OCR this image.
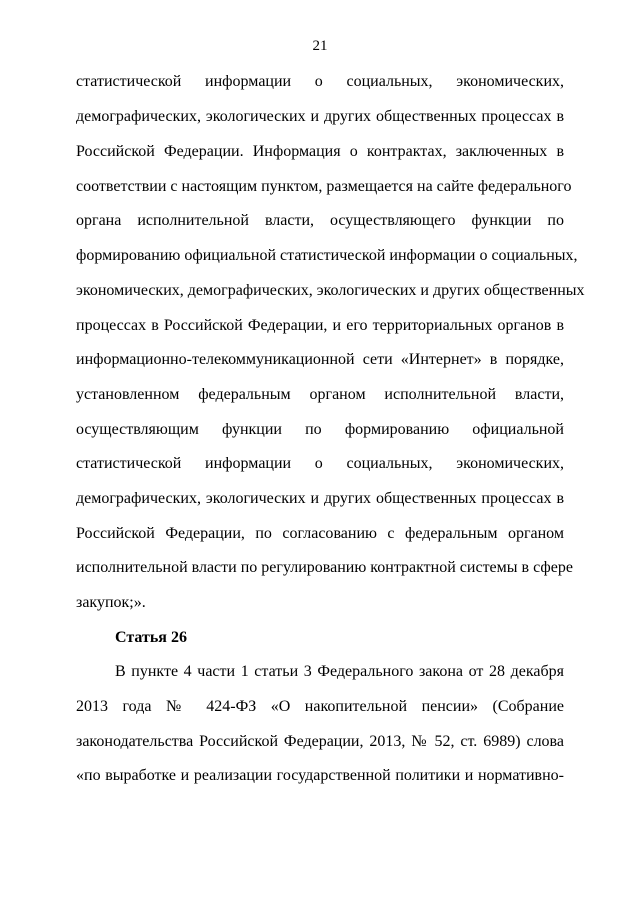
21
статистической информации о социальных, экономических,
демографических, экологических и других общественных процессах в
Российской Федерации. Информация о контрактах, заключенных в
соответствии с настоящим пунктом, размещается на сайте федерального
органа исполнительной власти, осуществляющего функции по
формированию официальной статистической информации о социальных,
экономических, демографических, экологических и других общественных
процессах в Российской Федерации, и его территориальных органов в
информационно-телекоммуникационной сети «Интернет» в порядке,
установленном федеральным органом исполнительной власти,
осуществляющим функции по формированию официальной
статистической информации о социальных, экономических,
демографических, экологических и других общественных процессах в
Российской Федерации, по согласованию с федеральным органом
исполнительной власти по регулированию контрактной системы в сфере
закупок;».
Статья 26
В пункте 4 части 1 статьи 3 Федерального закона от 28 декабря
2013 года № 424-ФЗ «О накопительной пенсии» (Собрание
законодательства Российской Федерации, 2013, № 52, ст. 6989) слова
«по выработке и реализации государственной политики и нормативно-
